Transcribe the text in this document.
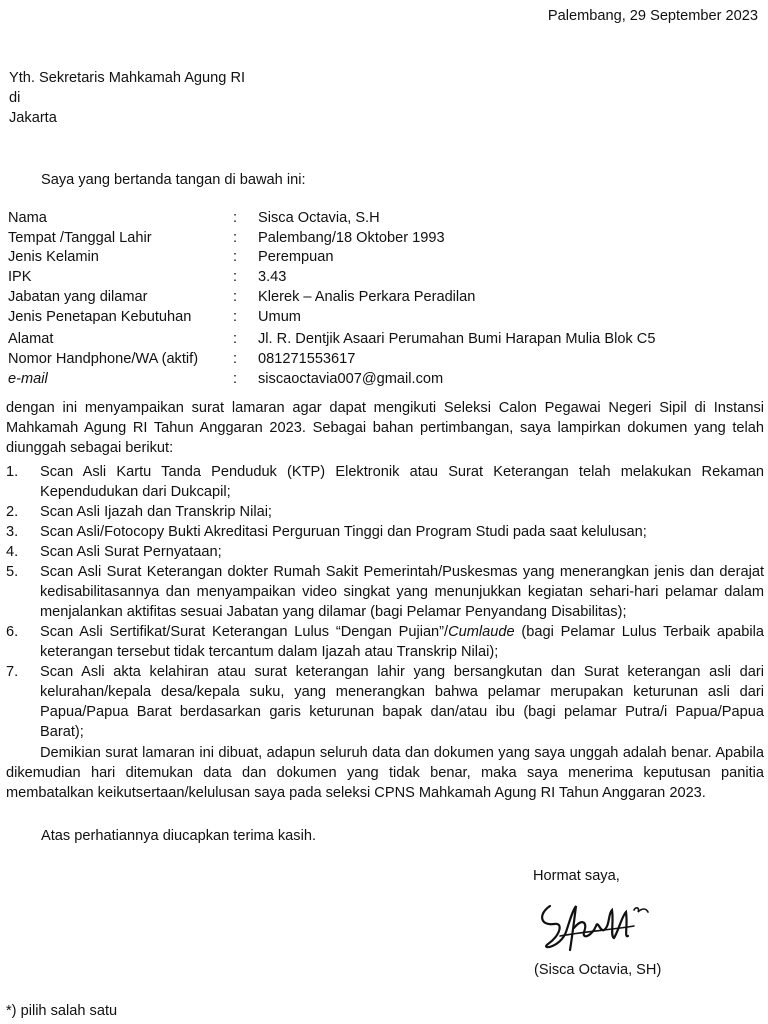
Palembang, 29 September 2023
Yth. Sekretaris Mahkamah Agung RI
di
Jakarta
Saya yang bertanda tangan di bawah ini:
Nama	: Sisca Octavia, S.H
Tempat /Tanggal Lahir	: Palembang/18 Oktober 1993
Jenis Kelamin	: Perempuan
IPK	: 3.43
Jabatan yang dilamar	: Klerek – Analis Perkara Peradilan
Jenis Penetapan Kebutuhan	: Umum
Alamat	: Jl. R. Dentjik Asaari Perumahan Bumi Harapan Mulia Blok C5
Nomor Handphone/WA (aktif) : 081271553617
e-mail	: siscaoctavia007@gmail.com
dengan ini menyampaikan surat lamaran agar dapat mengikuti Seleksi Calon Pegawai Negeri Sipil di Instansi Mahkamah Agung RI Tahun Anggaran 2023. Sebagai bahan pertimbangan, saya lampirkan dokumen yang telah diunggah sebagai berikut:
1. Scan Asli Kartu Tanda Penduduk (KTP) Elektronik atau Surat Keterangan telah melakukan Rekaman Kependudukan dari Dukcapil;
2. Scan Asli Ijazah dan Transkrip Nilai;
3. Scan Asli/Fotocopy Bukti Akreditasi Perguruan Tinggi dan Program Studi pada saat kelulusan;
4. Scan Asli Surat Pernyataan;
5. Scan Asli Surat Keterangan dokter Rumah Sakit Pemerintah/Puskesmas yang menerangkan jenis dan derajat kedisabilitasannya dan menyampaikan video singkat yang menunjukkan kegiatan sehari-hari pelamar dalam menjalankan aktifitas sesuai Jabatan yang dilamar (bagi Pelamar Penyandang Disabilitas);
6. Scan Asli Sertifikat/Surat Keterangan Lulus “Dengan Pujian”/Cumlaude (bagi Pelamar Lulus Terbaik apabila keterangan tersebut tidak tercantum dalam Ijazah atau Transkrip Nilai);
7. Scan Asli akta kelahiran atau surat keterangan lahir yang bersangkutan dan Surat keterangan asli dari kelurahan/kepala desa/kepala suku, yang menerangkan bahwa pelamar merupakan keturunan asli dari Papua/Papua Barat berdasarkan garis keturunan bapak dan/atau ibu (bagi pelamar Putra/i Papua/Papua Barat);
Demikian surat lamaran ini dibuat, adapun seluruh data dan dokumen yang saya unggah adalah benar. Apabila dikemudian hari ditemukan data dan dokumen yang tidak benar, maka saya menerima keputusan panitia membatalkan keikutsertaan/kelulusan saya pada seleksi CPNS Mahkamah Agung RI Tahun Anggaran 2023.
Atas perhatiannya diucapkan terima kasih.
Hormat saya,
(Sisca Octavia, SH)
*) pilih salah satu
